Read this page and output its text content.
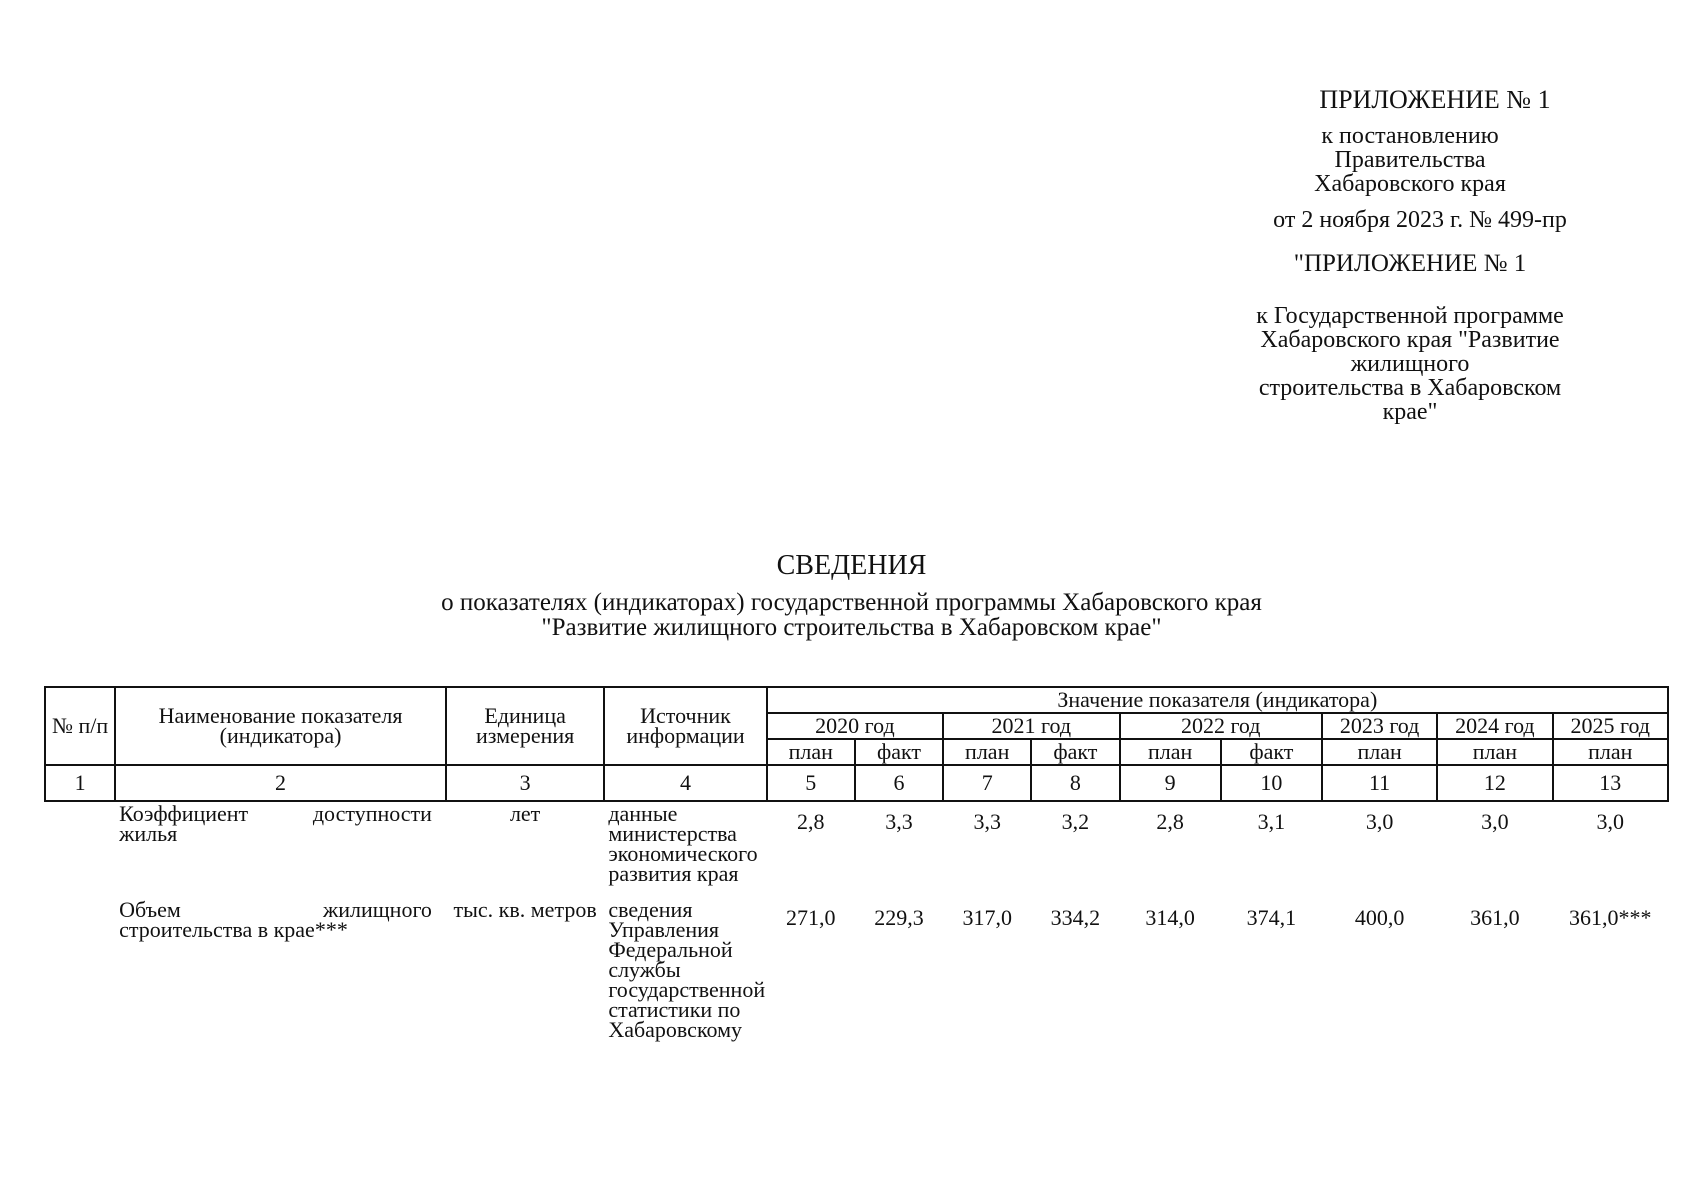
ПРИЛОЖЕНИЕ № 1
к постановлению
Правительства
Хабаровского края
от 2 ноября 2023 г. № 499-пр
"ПРИЛОЖЕНИЕ № 1
к Государственной программе
Хабаровского края "Развитие
жилищного
строительства в Хабаровском
крае"
СВЕДЕНИЯ
о показателях (индикаторах) государственной программы Хабаровского края
"Развитие жилищного строительства в Хабаровском крае"
№ п/п	Наименование показателя (индикатора)	Единица измерения	Источник информации	Значение показателя (индикатора)								
				2020 год		2021 год		2022 год		2023 год	2024 год	2025 год
				план	факт	план	факт	план	факт	план	план	план
1	2	3	4	5	6	7	8	9	10	11	12	13
	Коэффициент доступности жилья	лет	данные министерства экономического развития края	2,8	3,3	3,3	3,2	2,8	3,1	3,0	3,0	3,0
	Объем жилищного строительства в крае***	тыс. кв. метров	сведения Управления Федеральной службы государственной статистики по Хабаровскому	271,0	229,3	317,0	334,2	314,0	374,1	400,0	361,0	361,0***
